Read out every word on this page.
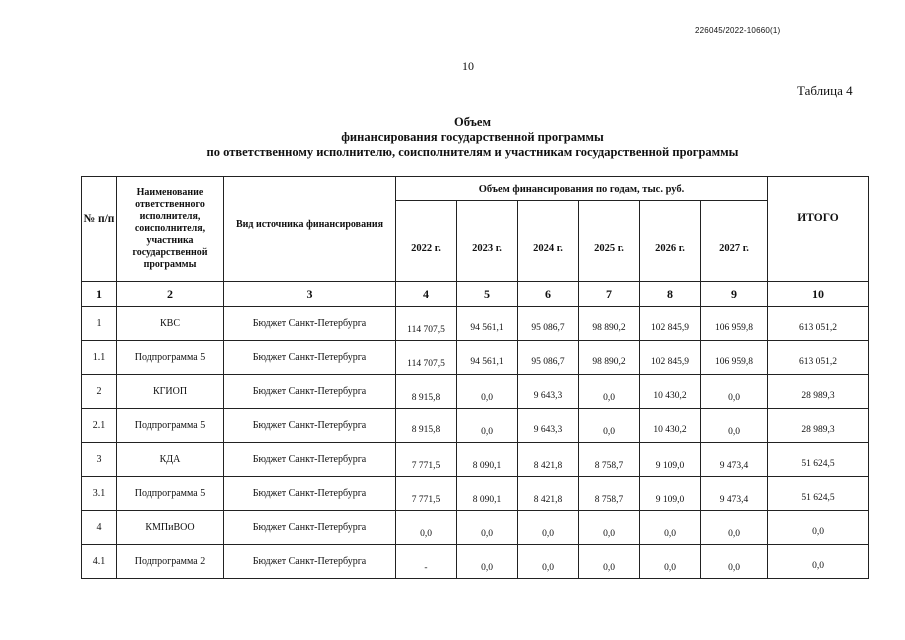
226045/2022-10660(1)
10
Таблица 4
Объем
финансирования государственной программы
по ответственному исполнителю, соисполнителям и участникам государственной программы
№ п/п	Наименование ответственного исполнителя, соисполнителя, участника государственной программы	Вид источника финансирования	Объем финансирования по годам, тыс. руб.						ИТОГО
			2022 г.	2023 г.	2024 г.	2025 г.	2026 г.	2027 г.	
1	2	3	4	5	6	7	8	9	10
1	КВС	Бюджет Санкт-Петербурга	114 707,5	94 561,1	95 086,7	98 890,2	102 845,9	106 959,8	613 051,2
1.1	Подпрограмма 5	Бюджет Санкт-Петербурга	114 707,5	94 561,1	95 086,7	98 890,2	102 845,9	106 959,8	613 051,2
2	КГИОП	Бюджет Санкт-Петербурга	8 915,8	0,0	9 643,3	0,0	10 430,2	0,0	28 989,3
2.1	Подпрограмма 5	Бюджет Санкт-Петербурга	8 915,8	0,0	9 643,3	0,0	10 430,2	0,0	28 989,3
3	КДА	Бюджет Санкт-Петербурга	7 771,5	8 090,1	8 421,8	8 758,7	9 109,0	9 473,4	51 624,5
3.1	Подпрограмма 5	Бюджет Санкт-Петербурга	7 771,5	8 090,1	8 421,8	8 758,7	9 109,0	9 473,4	51 624,5
4	КМПиВОО	Бюджет Санкт-Петербурга	0,0	0,0	0,0	0,0	0,0	0,0	0,0
4.1	Подпрограмма 2	Бюджет Санкт-Петербурга	-	0,0	0,0	0,0	0,0	0,0	0,0
